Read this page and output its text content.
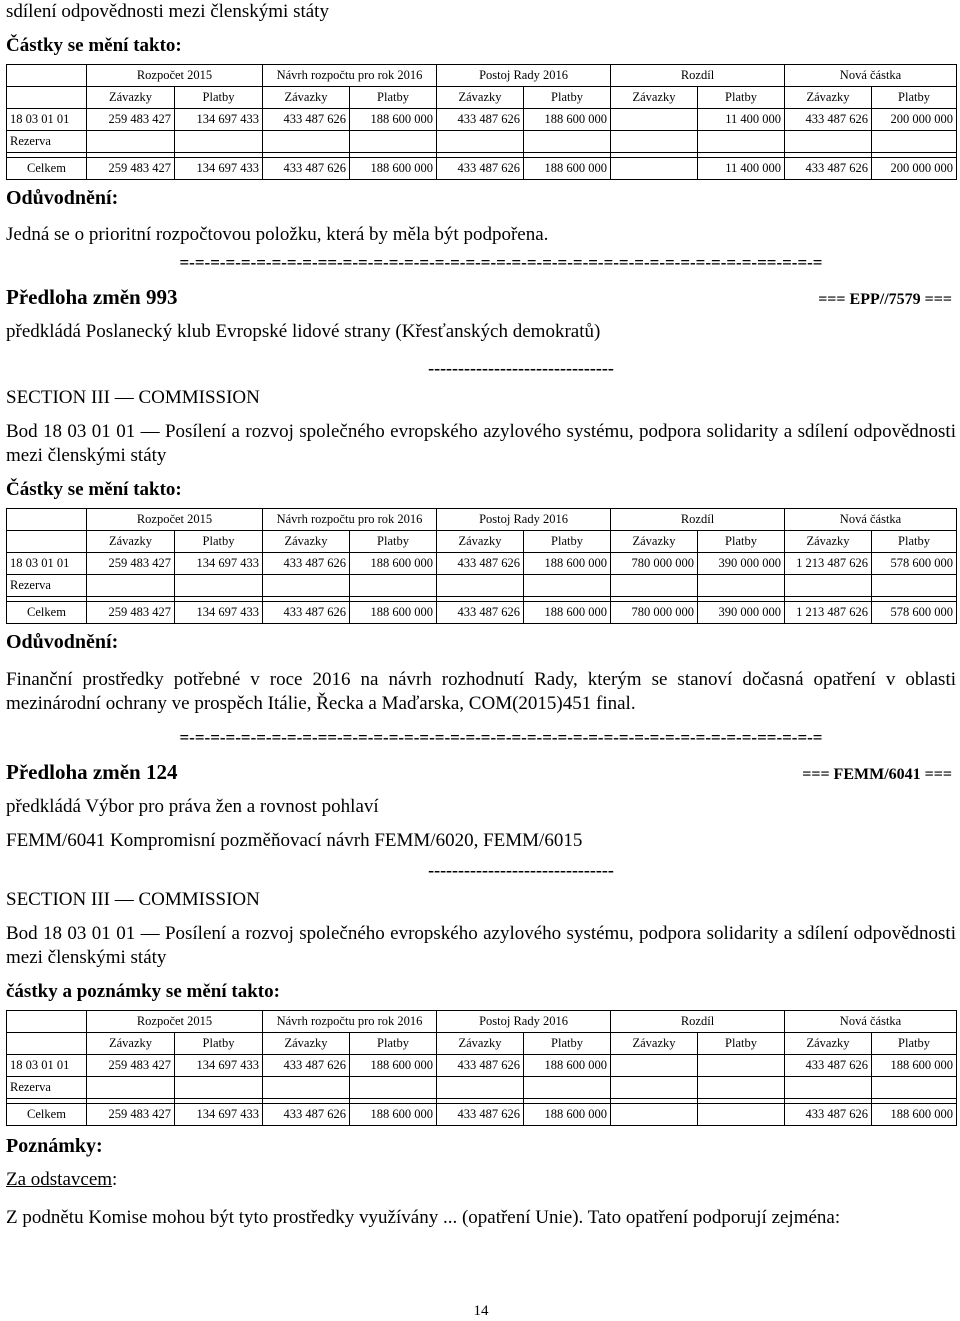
sdílení odpovědnosti mezi členskými státy

Částky se mění takto:

	Rozpočet 2015		Návrh rozpočtu pro rok 2016		Postoj Rady 2016		Rozdíl		Nová částka	
	Závazky	Platby	Závazky	Platby	Závazky	Platby	Závazky	Platby	Závazky	Platby
18 03 01 01	259 483 427	134 697 433	433 487 626	188 600 000	433 487 626	188 600 000		11 400 000	433 487 626	200 000 000
Rezerva										

Celkem	259 483 427	134 697 433	433 487 626	188 600 000	433 487 626	188 600 000		11 400 000	433 487 626	200 000 000

Odůvodnění:

Jedná se o prioritní rozpočtovou položku, která by měla být podpořena.

=-=-=-=-=-=-=-=-=-==-=-=-=-=-=-=-=-=-=-=-=-=-=-=-=-=-=-=-=-=-=-=-=-=-=-=-=-==-=-=-=

Předloha změn 993	=== EPP//7579 ===

předkládá Poslanecký klub Evropské lidové strany (Křesťanských demokratů)

-------------------------------

SECTION III — COMMISSION

Bod 18 03 01 01 — Posílení a rozvoj společného evropského azylového systému, podpora solidarity a sdílení odpovědnosti mezi členskými státy

Částky se mění takto:

	Rozpočet 2015		Návrh rozpočtu pro rok 2016		Postoj Rady 2016		Rozdíl		Nová částka	
	Závazky	Platby	Závazky	Platby	Závazky	Platby	Závazky	Platby	Závazky	Platby
18 03 01 01	259 483 427	134 697 433	433 487 626	188 600 000	433 487 626	188 600 000	780 000 000	390 000 000	1 213 487 626	578 600 000
Rezerva										

Celkem	259 483 427	134 697 433	433 487 626	188 600 000	433 487 626	188 600 000	780 000 000	390 000 000	1 213 487 626	578 600 000

Odůvodnění:

Finanční prostředky potřebné v roce 2016 na návrh rozhodnutí Rady, kterým se stanoví dočasná opatření v oblasti mezinárodní ochrany ve prospěch Itálie, Řecka a Maďarska, COM(2015)451 final.

=-=-=-=-=-=-=-=-=-==-=-=-=-=-=-=-=-=-=-=-=-=-=-=-=-=-=-=-=-=-=-=-=-=-=-=-=-==-=-=-=

Předloha změn 124	=== FEMM/6041 ===

předkládá Výbor pro práva žen a rovnost pohlaví

FEMM/6041 Kompromisní pozměňovací návrh FEMM/6020, FEMM/6015

-------------------------------

SECTION III — COMMISSION

Bod 18 03 01 01 — Posílení a rozvoj společného evropského azylového systému, podpora solidarity a sdílení odpovědnosti mezi členskými státy

částky a poznámky se mění takto:

	Rozpočet 2015		Návrh rozpočtu pro rok 2016		Postoj Rady 2016		Rozdíl		Nová částka	
	Závazky	Platby	Závazky	Platby	Závazky	Platby	Závazky	Platby	Závazky	Platby
18 03 01 01	259 483 427	134 697 433	433 487 626	188 600 000	433 487 626	188 600 000			433 487 626	188 600 000
Rezerva										

Celkem	259 483 427	134 697 433	433 487 626	188 600 000	433 487 626	188 600 000			433 487 626	188 600 000

Poznámky:

Za odstavcem:

Z podnětu Komise mohou být tyto prostředky využívány ... (opatření Unie). Tato opatření podporují zejména:

14
